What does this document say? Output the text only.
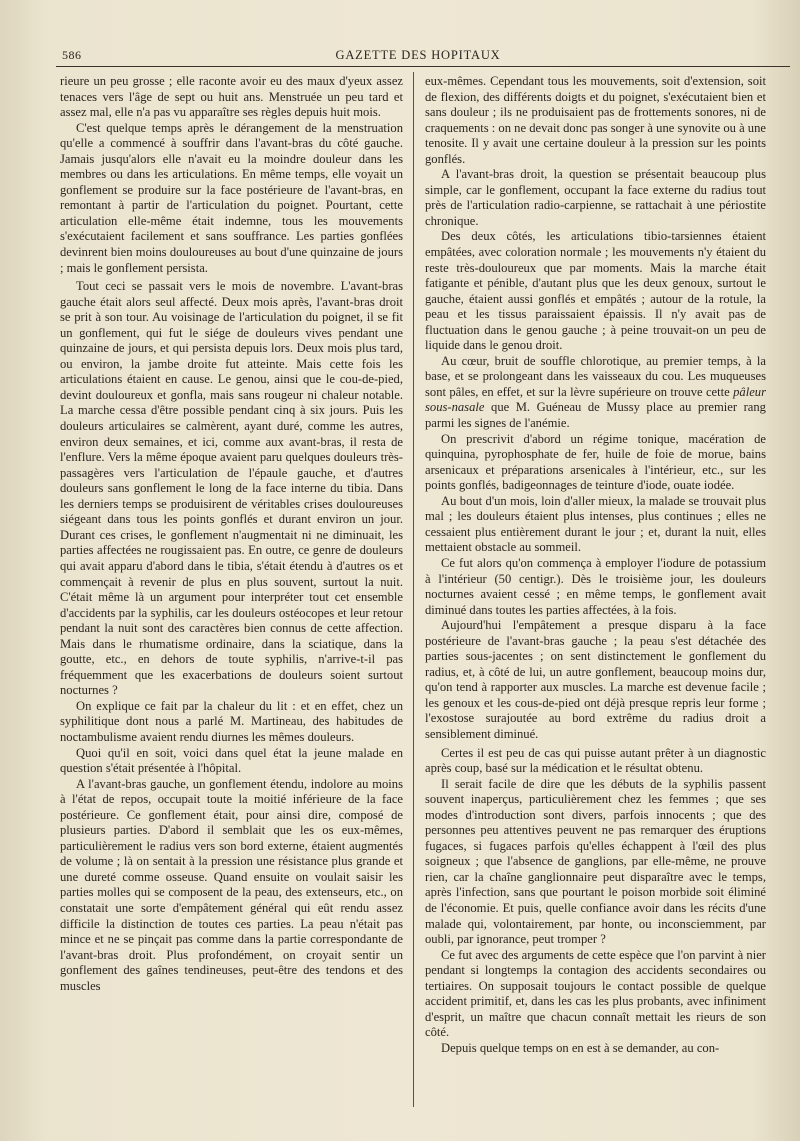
586	GAZETTE DES HOPITAUX

rieure un peu grosse ; elle raconte avoir eu des maux d'yeux assez tenaces vers l'âge de sept ou huit ans. Menstruée un peu tard et assez mal, elle n'a pas vu apparaître ses règles depuis huit mois.

C'est quelque temps après le dérangement de la menstruation qu'elle a commencé à souffrir dans l'avant-bras du côté gauche. Jamais jusqu'alors elle n'avait eu la moindre douleur dans les membres ou dans les articulations. En même temps, elle voyait un gonflement se produire sur la face postérieure de l'avant-bras, en remontant à partir de l'articulation du poignet. Pourtant, cette articulation elle-même était indemne, tous les mouvements s'exécutaient facilement et sans souffrance. Les parties gonflées devinrent bien moins douloureuses au bout d'une quinzaine de jours ; mais le gonflement persista.

Tout ceci se passait vers le mois de novembre. L'avant-bras gauche était alors seul affecté. Deux mois après, l'avant-bras droit se prit à son tour. Au voisinage de l'articulation du poignet, il se fit un gonflement, qui fut le siége de douleurs vives pendant une quinzaine de jours, et qui persista depuis lors. Deux mois plus tard, ou environ, la jambe droite fut atteinte. Mais cette fois les articulations étaient en cause. Le genou, ainsi que le cou-de-pied, devint douloureux et gonfla, mais sans rougeur ni chaleur notable. La marche cessa d'être possible pendant cinq à six jours. Puis les douleurs articulaires se calmèrent, ayant duré, comme les autres, environ deux semaines, et ici, comme aux avant-bras, il resta de l'enflure. Vers la même époque avaient paru quelques douleurs très-passagères vers l'articulation de l'épaule gauche, et d'autres douleurs sans gonflement le long de la face interne du tibia. Dans les derniers temps se produisirent de véritables crises douloureuses siégeant dans tous les points gonflés et durant environ un jour. Durant ces crises, le gonflement n'augmentait ni ne diminuait, les parties affectées ne rougissaient pas. En outre, ce genre de douleurs qui avait apparu d'abord dans le tibia, s'était étendu à d'autres os et commençait à revenir de plus en plus souvent, surtout la nuit. C'était même là un argument pour interpréter tout cet ensemble d'accidents par la syphilis, car les douleurs ostéocopes et leur retour pendant la nuit sont des caractères bien connus de cette affection. Mais dans le rhumatisme ordinaire, dans la sciatique, dans la goutte, etc., en dehors de toute syphilis, n'arrive-t-il pas fréquemment que les exacerbations de douleurs soient surtout nocturnes ?

On explique ce fait par la chaleur du lit : et en effet, chez un syphilitique dont nous a parlé M. Martineau, des habitudes de noctambulisme avaient rendu diurnes les mêmes douleurs.

Quoi qu'il en soit, voici dans quel état la jeune malade en question s'était présentée à l'hôpital.

A l'avant-bras gauche, un gonflement étendu, indolore au moins à l'état de repos, occupait toute la moitié inférieure de la face postérieure. Ce gonflement était, pour ainsi dire, composé de plusieurs parties. D'abord il semblait que les os eux-mêmes, particulièrement le radius vers son bord externe, étaient augmentés de volume ; là on sentait à la pression une résistance plus grande et une dureté comme osseuse. Quand ensuite on voulait saisir les parties molles qui se composent de la peau, des extenseurs, etc., on constatait une sorte d'empâtement général qui eût rendu assez difficile la distinction de toutes ces parties. La peau n'était pas mince et ne se pinçait pas comme dans la partie correspondante de l'avant-bras droit. Plus profondément, on croyait sentir un gonflement des gaînes tendineuses, peut-être des tendons et des muscles

eux-mêmes. Cependant tous les mouvements, soit d'extension, soit de flexion, des différents doigts et du poignet, s'exécutaient bien et sans douleur ; ils ne produisaient pas de frottements sonores, ni de craquements : on ne devait donc pas songer à une synovite ou à une tenosite. Il y avait une certaine douleur à la pression sur les points gonflés.

A l'avant-bras droit, la question se présentait beaucoup plus simple, car le gonflement, occupant la face externe du radius tout près de l'articulation radio-carpienne, se rattachait à une périostite chronique.

Des deux côtés, les articulations tibio-tarsiennes étaient empâtées, avec coloration normale ; les mouvements n'y étaient du reste très-douloureux que par moments. Mais la marche était fatigante et pénible, d'autant plus que les deux genoux, surtout le gauche, étaient aussi gonflés et empâtés ; autour de la rotule, la peau et les tissus paraissaient épaissis. Il n'y avait pas de fluctuation dans le genou gauche ; à peine trouvait-on un peu de liquide dans le genou droit.

Au cœur, bruit de souffle chlorotique, au premier temps, à la base, et se prolongeant dans les vaisseaux du cou. Les muqueuses sont pâles, en effet, et sur la lèvre supérieure on trouve cette pâleur sous-nasale que M. Guéneau de Mussy place au premier rang parmi les signes de l'anémie.

On prescrivit d'abord un régime tonique, macération de quinquina, pyrophosphate de fer, huile de foie de morue, bains arsenicaux et préparations arsenicales à l'intérieur, etc., sur les points gonflés, badigeonnages de teinture d'iode, ouate iodée.

Au bout d'un mois, loin d'aller mieux, la malade se trouvait plus mal ; les douleurs étaient plus intenses, plus continues ; elles ne cessaient plus entièrement durant le jour ; et, durant la nuit, elles mettaient obstacle au sommeil.

Ce fut alors qu'on commença à employer l'iodure de potassium à l'intérieur (50 centigr.). Dès le troisième jour, les douleurs nocturnes avaient cessé ; en même temps, le gonflement avait diminué dans toutes les parties affectées, à la fois.

Aujourd'hui l'empâtement a presque disparu à la face postérieure de l'avant-bras gauche ; la peau s'est détachée des parties sous-jacentes ; on sent distinctement le gonflement du radius, et, à côté de lui, un autre gonflement, beaucoup moins dur, qu'on tend à rapporter aux muscles. La marche est devenue facile ; les genoux et les cous-de-pied ont déjà presque repris leur forme ; l'exostose surajoutée au bord extrême du radius droit a sensiblement diminué.

Certes il est peu de cas qui puisse autant prêter à un diagnostic après coup, basé sur la médication et le résultat obtenu.

Il serait facile de dire que les débuts de la syphilis passent souvent inaperçus, particulièrement chez les femmes ; que ses modes d'introduction sont divers, parfois innocents ; que des personnes peu attentives peuvent ne pas remarquer des éruptions fugaces, si fugaces parfois qu'elles échappent à l'œil des plus soigneux ; que l'absence de ganglions, par elle-même, ne prouve rien, car la chaîne ganglionnaire peut disparaître avec le temps, après l'infection, sans que pourtant le poison morbide soit éliminé de l'économie. Et puis, quelle confiance avoir dans les récits d'une malade qui, volontairement, par honte, ou inconsciemment, par oubli, par ignorance, peut tromper ?

Ce fut avec des arguments de cette espèce que l'on parvint à nier pendant si longtemps la contagion des accidents secondaires ou tertiaires. On supposait toujours le contact possible de quelque accident primitif, et, dans les cas les plus probants, avec infiniment d'esprit, un maître que chacun connaît mettait les rieurs de son côté.

Depuis quelque temps on en est à se demander, au con-
